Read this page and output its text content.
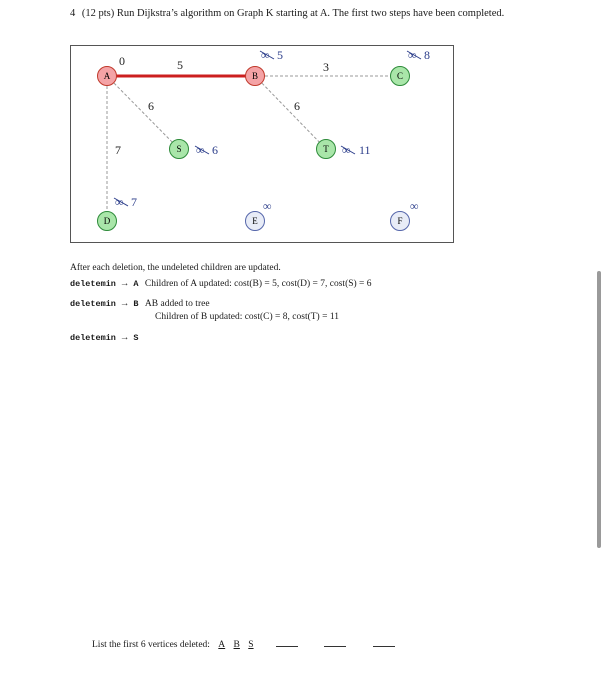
4 (12 pts) Run Dijkstra’s algorithm on Graph K starting at A. The first two steps have been completed.
5	3
6
7
6
0	∞ 5	∞ 8
∞ 6	∞ 11
∞ 7	∞	∞
A	B	C
S	T
D	E	F
After each deletion, the undeleted children are updated.
deletemin → A Children of A updated: cost(B) = 5, cost(D) = 7, cost(S) = 6
deletemin → B AB added to tree
Children of B updated: cost(C) = 8, cost(T) = 11
deletemin → S
List the first 6 vertices deleted: A B S
